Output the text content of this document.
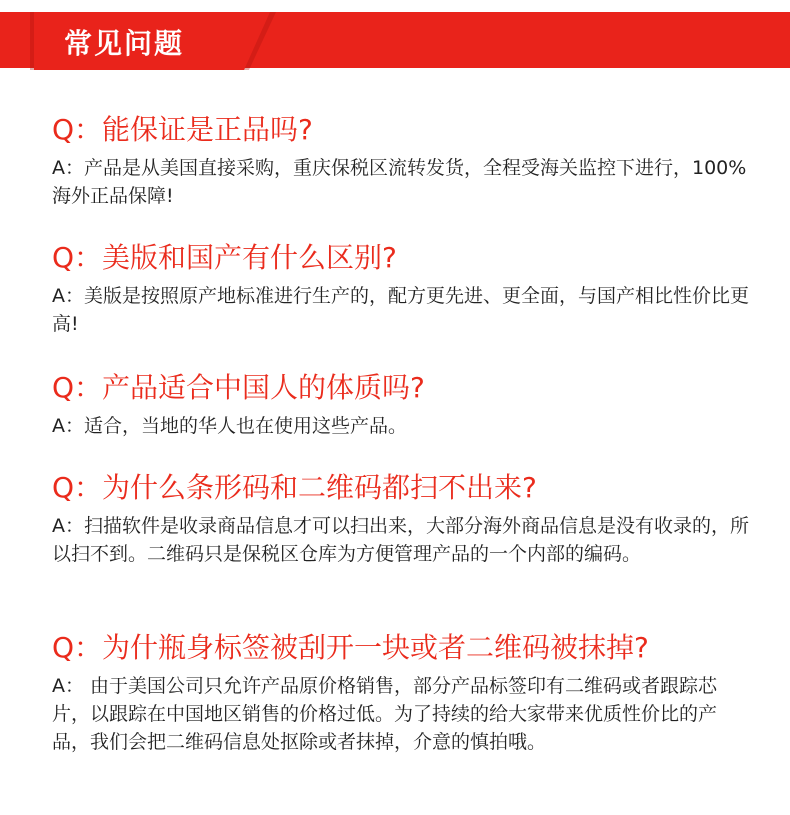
常见问题
Q：能保证是正品吗?
A：产品是从美国直接采购，重庆保税区流转发货，全程受海关监控下进行，100%海外正品保障!
Q：美版和国产有什么区别?
A：美版是按照原产地标准进行生产的，配方更先进、更全面，与国产相比性价比更高!
Q：产品适合中国人的体质吗?
A：适合，当地的华人也在使用这些产品。
Q：为什么条形码和二维码都扫不出来?
A：扫描软件是收录商品信息才可以扫出来，大部分海外商品信息是没有收录的，所以扫不到。二维码只是保税区仓库为方便管理产品的一个内部的编码。
Q：为什瓶身标签被刮开一块或者二维码被抹掉?
A： 由于美国公司只允许产品原价格销售，部分产品标签印有二维码或者跟踪芯片，以跟踪在中国地区销售的价格过低。为了持续的给大家带来优质性价比的产品，我们会把二维码信息处抠除或者抹掉，介意的慎拍哦。
